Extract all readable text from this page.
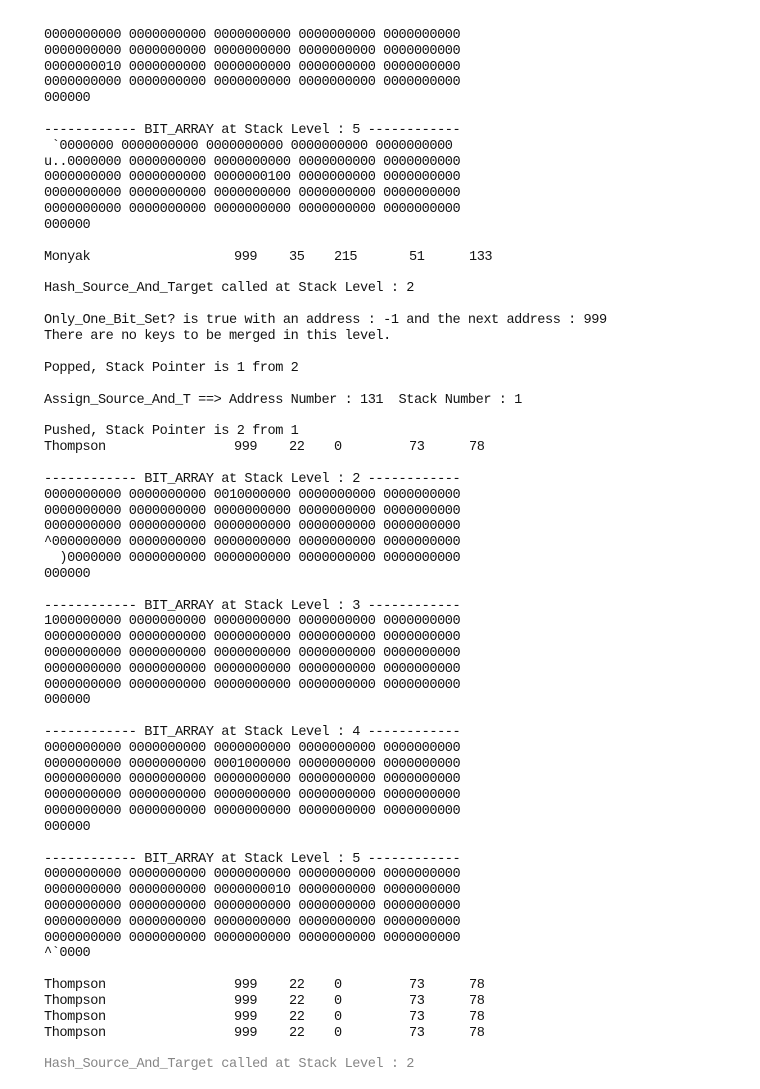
0000000000 0000000000 0000000000 0000000000 0000000000
0000000000 0000000000 0000000000 0000000000 0000000000
0000000010 0000000000 0000000000 0000000000 0000000000
0000000000 0000000000 0000000000 0000000000 0000000000
000000
------------ BIT_ARRAY at Stack Level : 5 ------------
`0000000 0000000000 0000000000 0000000000 0000000000
u..0000000 0000000000 0000000000 0000000000 0000000000
0000000000 0000000000 0000000100 0000000000 0000000000
0000000000 0000000000 0000000000 0000000000 0000000000
0000000000 0000000000 0000000000 0000000000 0000000000
000000
Monyak	999 35 215	51	133
Hash_Source_And_Target called at Stack Level : 2
Only_One_Bit_Set? is true with an address : -1 and the next address : 999
There are no keys to be merged in this level.
Popped, Stack Pointer is 1 from 2
Assign_Source_And_T ==> Address Number : 131  Stack Number : 1
Pushed, Stack Pointer is 2 from 1
Thompson	999 22 0	73	78
------------ BIT_ARRAY at Stack Level : 2 ------------
0000000000 0000000000 0010000000 0000000000 0000000000
0000000000 0000000000 0000000000 0000000000 0000000000
0000000000 0000000000 0000000000 0000000000 0000000000
^000000000 0000000000 0000000000 0000000000 0000000000
)0000000 0000000000 0000000000 0000000000 0000000000
000000
------------ BIT_ARRAY at Stack Level : 3 ------------
1000000000 0000000000 0000000000 0000000000 0000000000
0000000000 0000000000 0000000000 0000000000 0000000000
0000000000 0000000000 0000000000 0000000000 0000000000
0000000000 0000000000 0000000000 0000000000 0000000000
0000000000 0000000000 0000000000 0000000000 0000000000
000000
------------ BIT_ARRAY at Stack Level : 4 ------------
0000000000 0000000000 0000000000 0000000000 0000000000
0000000000 0000000000 0001000000 0000000000 0000000000
0000000000 0000000000 0000000000 0000000000 0000000000
0000000000 0000000000 0000000000 0000000000 0000000000
0000000000 0000000000 0000000000 0000000000 0000000000
000000
------------ BIT_ARRAY at Stack Level : 5 ------------
0000000000 0000000000 0000000000 0000000000 0000000000
0000000000 0000000000 0000000010 0000000000 0000000000
0000000000 0000000000 0000000000 0000000000 0000000000
0000000000 0000000000 0000000000 0000000000 0000000000
0000000000 0000000000 0000000000 0000000000 0000000000
^`0000
Thompson	999 22 0	73	78
Thompson	999 22 0	73	78
Thompson	999 22 0	73	78
Thompson	999 22 0	73	78
Hash_Source_And_Target called at Stack Level : 2
